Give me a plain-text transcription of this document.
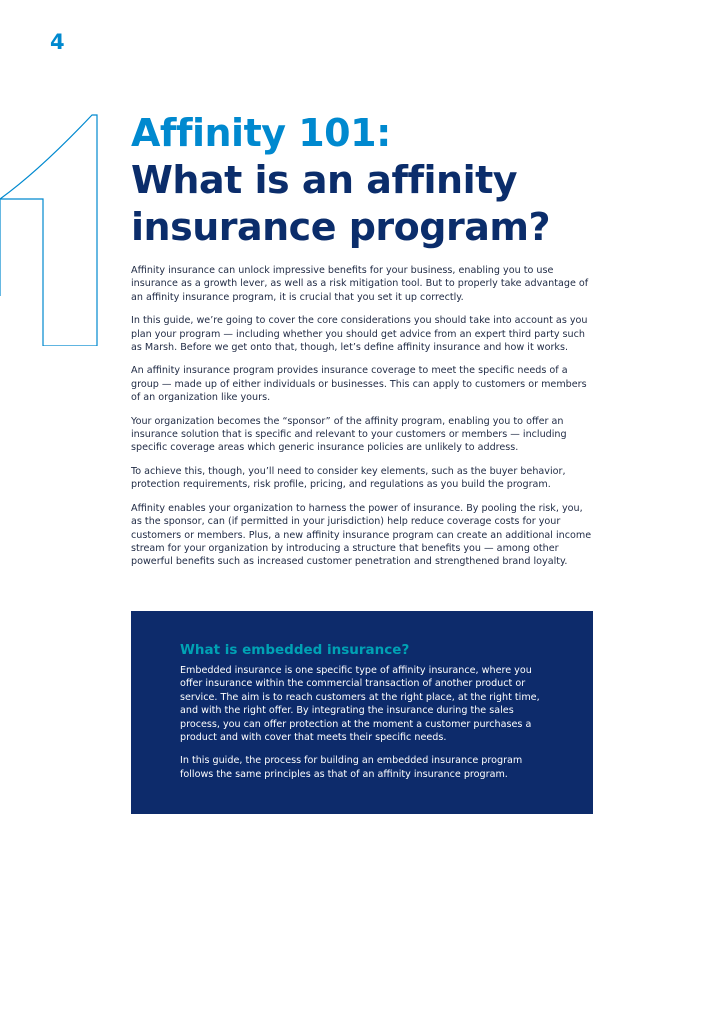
4
Affinity 101:
What is an affinity
insurance program?

Affinity insurance can unlock impressive benefits for your business, enabling you to use insurance as a growth lever, as well as a risk mitigation tool. But to properly take advantage of an affinity insurance program, it is crucial that you set it up correctly.

In this guide, we’re going to cover the core considerations you should take into account as you plan your program — including whether you should get advice from an expert third party such as Marsh. Before we get onto that, though, let’s define affinity insurance and how it works.

An affinity insurance program provides insurance coverage to meet the specific needs of a group — made up of either individuals or businesses. This can apply to customers or members of an organization like yours.

Your organization becomes the “sponsor” of the affinity program, enabling you to offer an insurance solution that is specific and relevant to your customers or members — including specific coverage areas which generic insurance policies are unlikely to address.

To achieve this, though, you’ll need to consider key elements, such as the buyer behavior, protection requirements, risk profile, pricing, and regulations as you build the program.

Affinity enables your organization to harness the power of insurance. By pooling the risk, you, as the sponsor, can (if permitted in your jurisdiction) help reduce coverage costs for your customers or members. Plus, a new affinity insurance program can create an additional income stream for your organization by introducing a structure that benefits you — among other powerful benefits such as increased customer penetration and strengthened brand loyalty.

What is embedded insurance?

Embedded insurance is one specific type of affinity insurance, where you offer insurance within the commercial transaction of another product or service. The aim is to reach customers at the right place, at the right time, and with the right offer. By integrating the insurance during the sales process, you can offer protection at the moment a customer purchases a product and with cover that meets their specific needs.

In this guide, the process for building an embedded insurance program follows the same principles as that of an affinity insurance program.
